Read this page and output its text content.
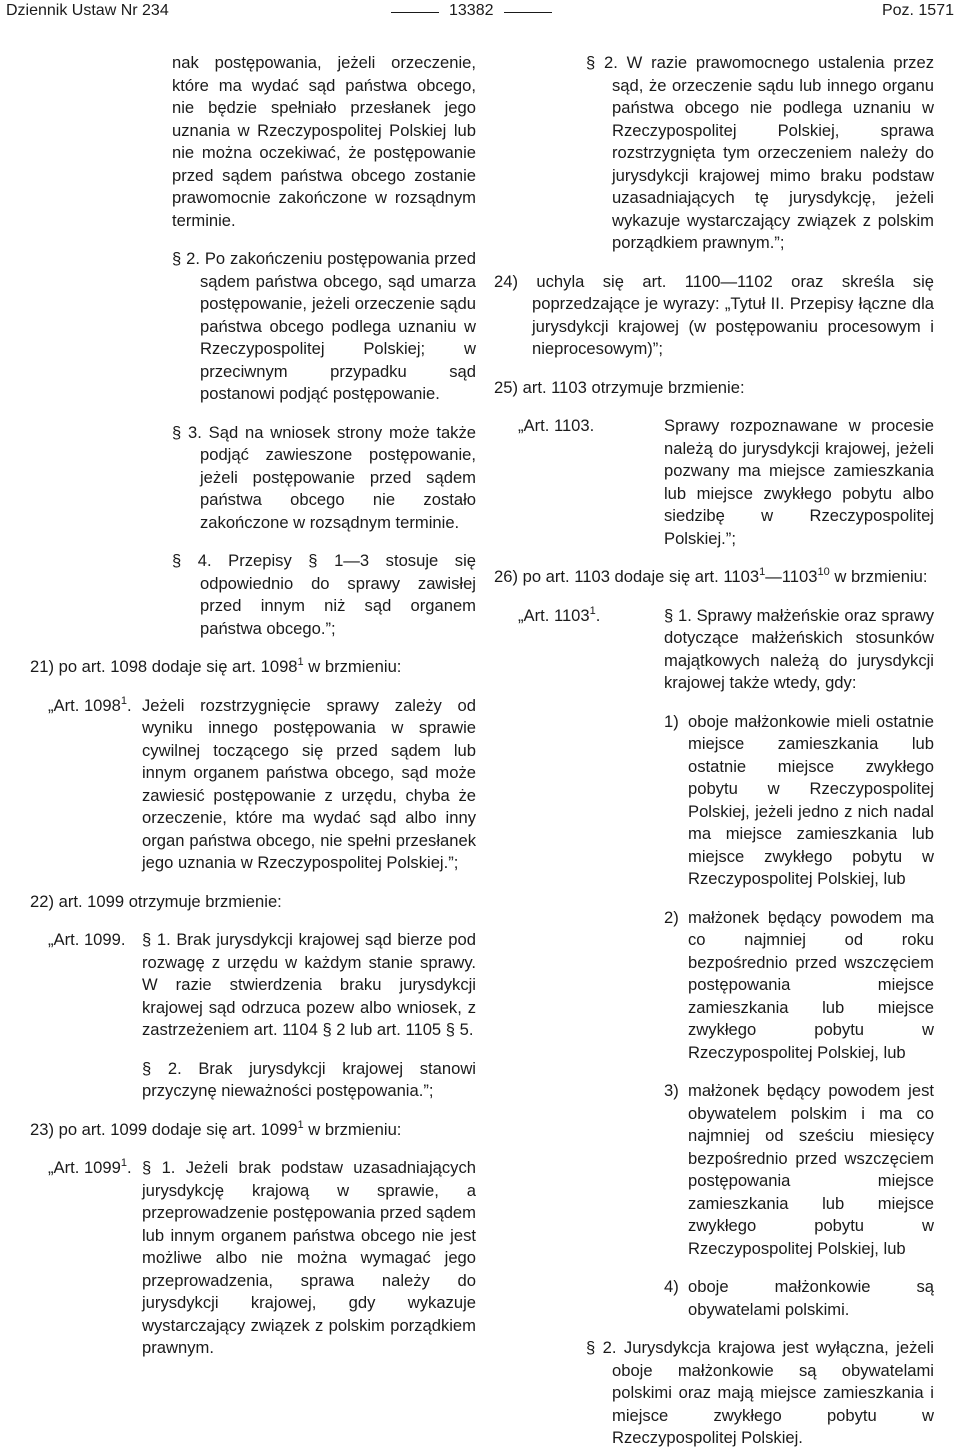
Dziennik Ustaw Nr 234	13382	Poz. 1571

nak postępowania, jeżeli orzeczenie, które ma wydać sąd państwa obcego, nie będzie spełniało przesłanek jego uznania w Rzeczypospolitej Polskiej lub nie można oczekiwać, że postępowanie przed sądem państwa obcego zostanie prawomocnie zakończone w rozsądnym terminie.

§ 2. Po zakończeniu postępowania przed sądem państwa obcego, sąd umarza postępowanie, jeżeli orzeczenie sądu państwa obcego podlega uznaniu w Rzeczypospolitej Polskiej; w przeciwnym przypadku sąd postanowi podjąć postępowanie.

§ 3. Sąd na wniosek strony może także podjąć zawieszone postępowanie, jeżeli postępowanie przed sądem państwa obcego nie zostało zakończone w rozsądnym terminie.

§ 4. Przepisy § 1—3 stosuje się odpowiednio do sprawy zawisłej przed innym niż sąd organem państwa obcego.”;

21) po art. 1098 dodaje się art. 1098$^1$ w brzmieniu:

„Art. 1098$^1$. Jeżeli rozstrzygnięcie sprawy zależy od wyniku innego postępowania w sprawie cywilnej toczącego się przed sądem lub innym organem państwa obcego, sąd może zawiesić postępowanie z urzędu, chyba że orzeczenie, które ma wydać sąd albo inny organ państwa obcego, nie spełni przesłanek jego uznania w Rzeczypospolitej Polskiej.”;

22) art. 1099 otrzymuje brzmienie:

„Art. 1099. § 1. Brak jurysdykcji krajowej sąd bierze pod rozwagę z urzędu w każdym stanie sprawy. W razie stwierdzenia braku jurysdykcji krajowej sąd odrzuca pozew albo wniosek, z zastrzeżeniem art. 1104 § 2 lub art. 1105 § 5.

§ 2. Brak jurysdykcji krajowej stanowi przyczynę nieważności postępowania.”;

23) po art. 1099 dodaje się art. 1099$^1$ w brzmieniu:

„Art. 1099$^1$. § 1. Jeżeli brak podstaw uzasadniających jurysdykcję krajową w sprawie, a przeprowadzenie postępowania przed sądem lub innym organem państwa obcego nie jest możliwe albo nie można wymagać jego przeprowadzenia, sprawa należy do jurysdykcji krajowej, gdy wykazuje wystarczający związek z polskim porządkiem prawnym.

§ 2. W razie prawomocnego ustalenia przez sąd, że orzeczenie sądu lub innego organu państwa obcego nie podlega uznaniu w Rzeczypospolitej Polskiej, sprawa rozstrzygnięta tym orzeczeniem należy do jurysdykcji krajowej mimo braku podstaw uzasadniających tę jurysdykcję, jeżeli wykazuje wystarczający związek z polskim porządkiem prawnym.”;

24) uchyla się art. 1100—1102 oraz skreśla się poprzedzające je wyrazy: „Tytuł II. Przepisy łączne dla jurysdykcji krajowej (w postępowaniu procesowym i nieprocesowym)”;

25) art. 1103 otrzymuje brzmienie:

„Art. 1103.	Sprawy rozpoznawane w procesie należą do jurysdykcji krajowej, jeżeli pozwany ma miejsce zamieszkania lub miejsce zwykłego pobytu albo siedzibę w Rzeczypospolitej Polskiej.”;

26) po art. 1103 dodaje się art. 1103$^1$—1103$^{10}$ w brzmieniu:

„Art. 1103$^1$.	§ 1. Sprawy małżeńskie oraz sprawy dotyczące małżeńskich stosunków majątkowych należą do jurysdykcji krajowej także wtedy, gdy:
1) oboje małżonkowie mieli ostatnie miejsce zamieszkania lub ostatnie miejsce zwykłego pobytu w Rzeczypospolitej Polskiej, jeżeli jedno z nich nadal ma miejsce zamieszkania lub miejsce zwykłego pobytu w Rzeczypospolitej Polskiej, lub
2) małżonek będący powodem ma co najmniej od roku bezpośrednio przed wszczęciem postępowania miejsce zamieszkania lub miejsce zwykłego pobytu w Rzeczypospolitej Polskiej, lub
3) małżonek będący powodem jest obywatelem polskim i ma co najmniej od sześciu miesięcy bezpośrednio przed wszczęciem postępowania miejsce zamieszkania lub miejsce zwykłego pobytu w Rzeczypospolitej Polskiej, lub
4) oboje małżonkowie są obywatelami polskimi.

§ 2. Jurysdykcja krajowa jest wyłączna, jeżeli oboje małżonkowie są obywatelami polskimi oraz mają miejsce zamieszkania i miejsce zwykłego pobytu w Rzeczypospolitej Polskiej.
